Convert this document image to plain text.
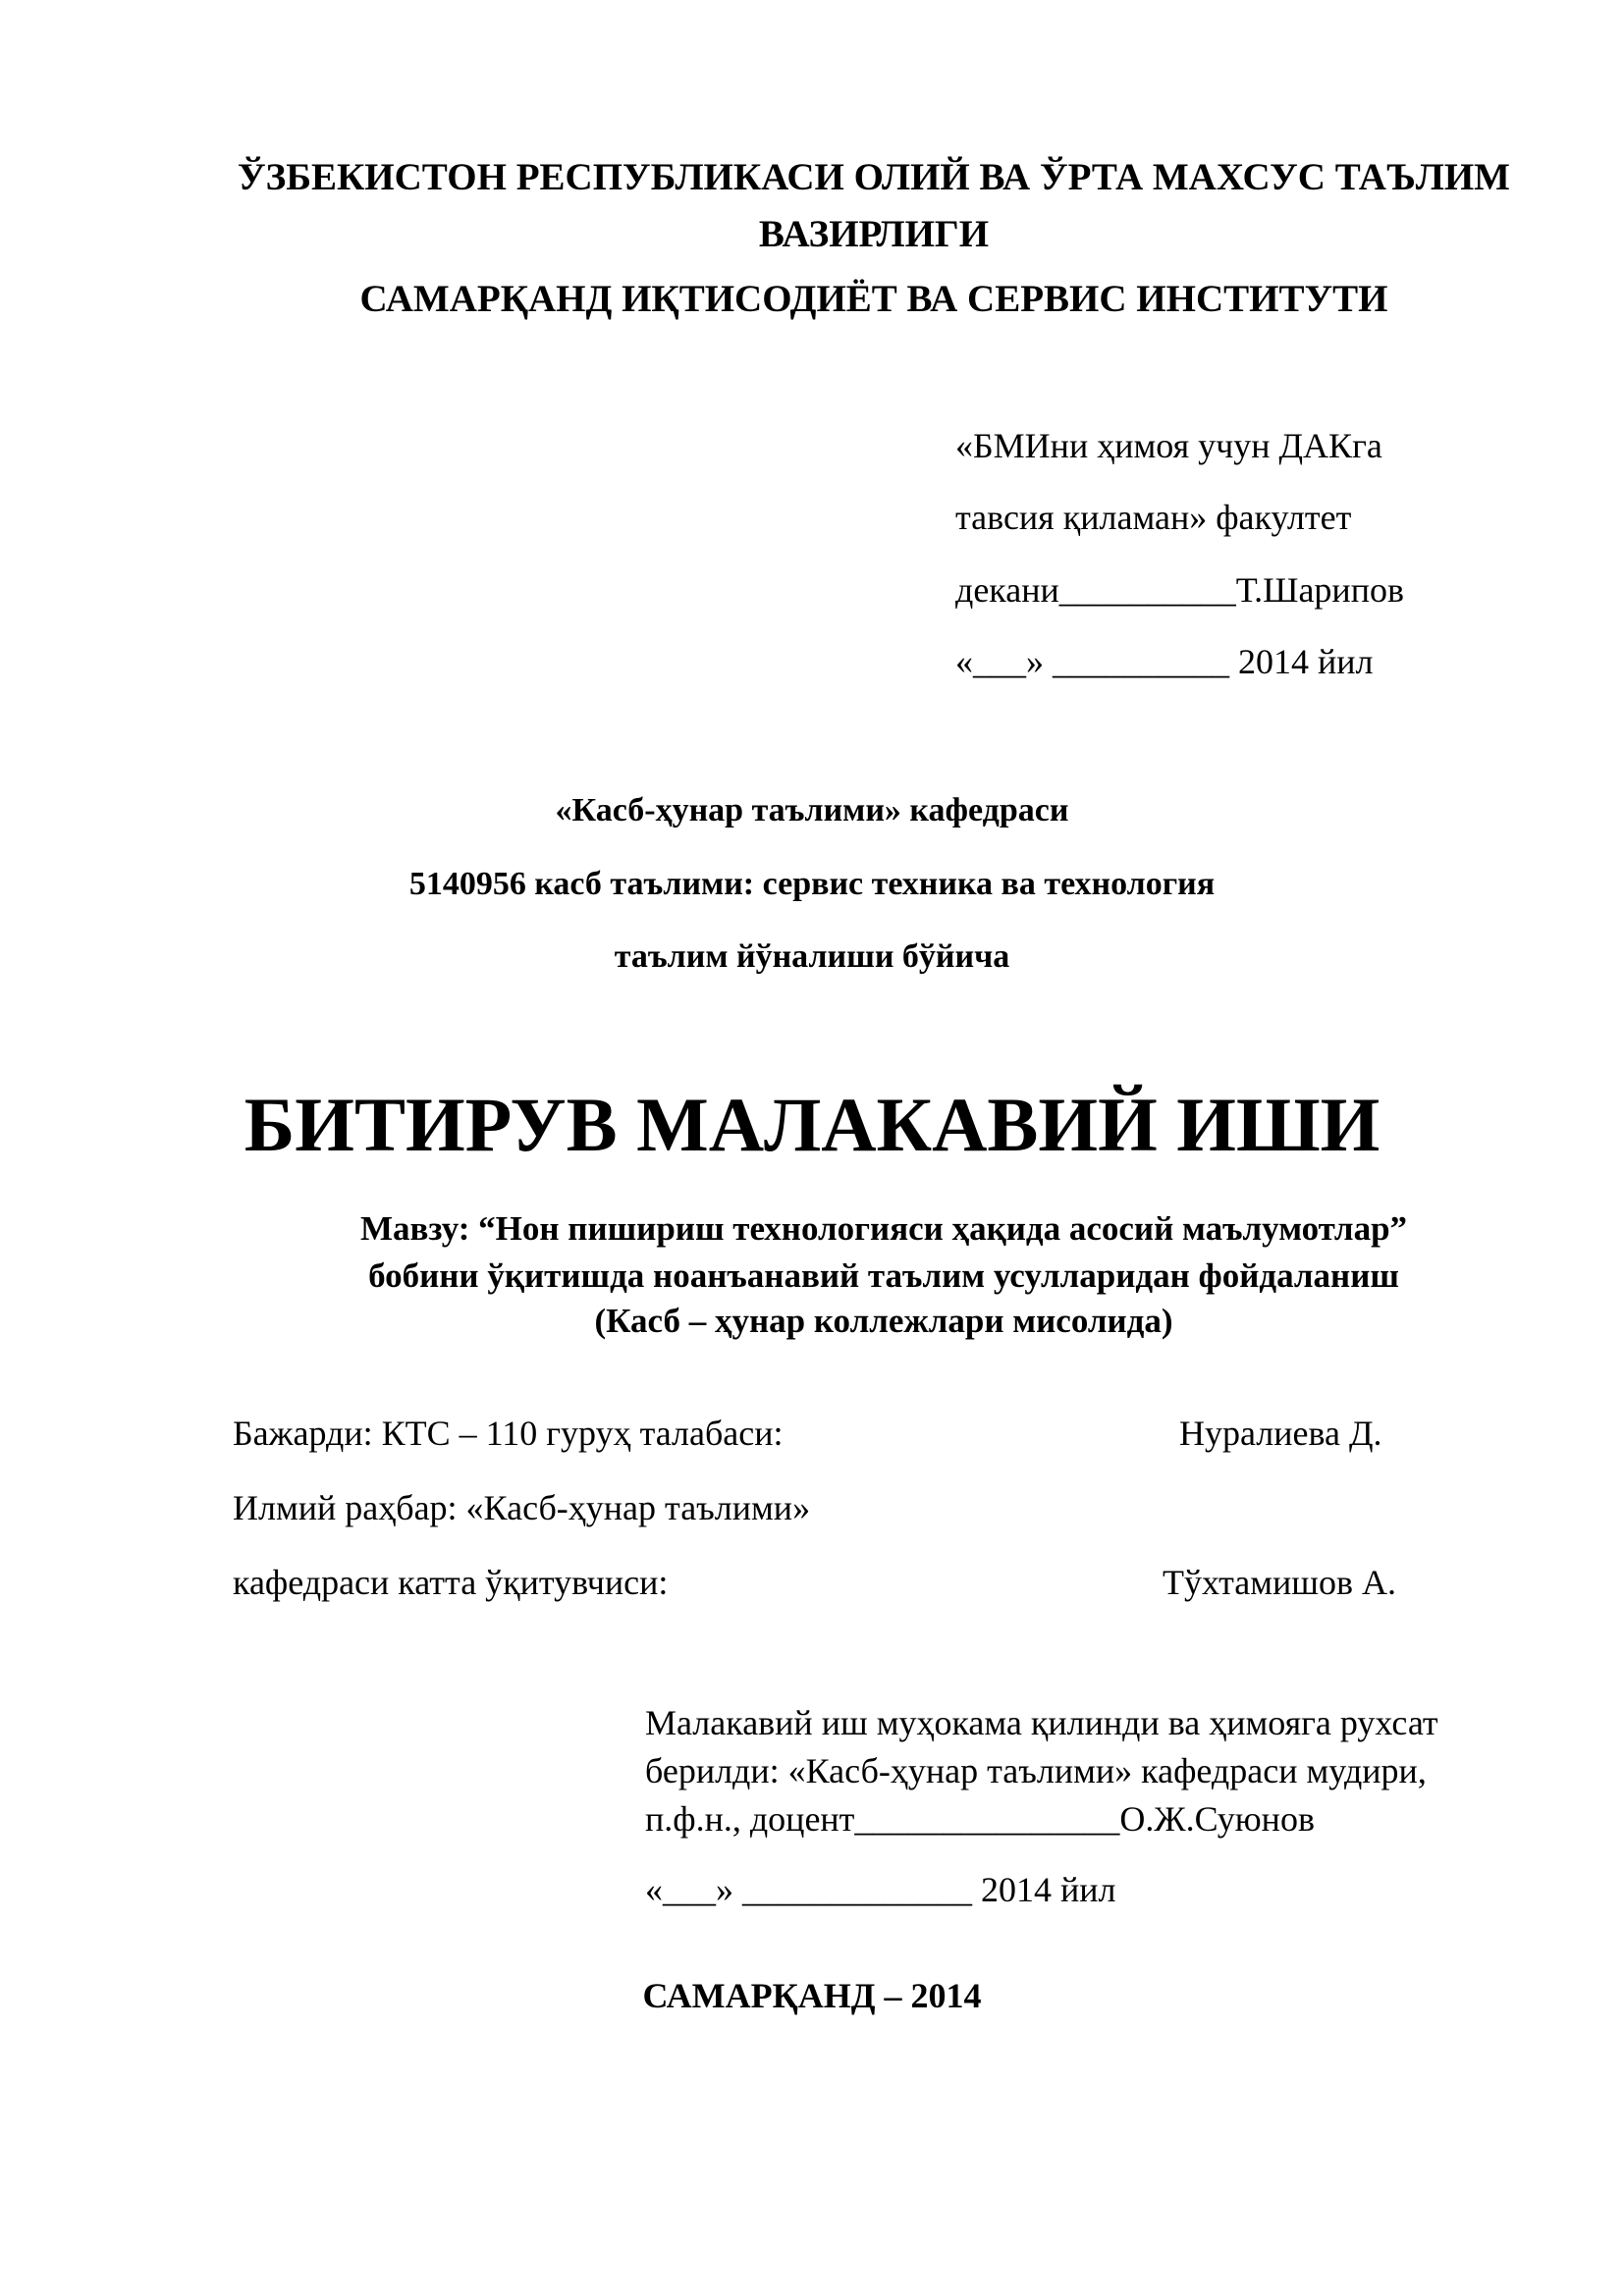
ЎЗБЕКИСТОН РЕСПУБЛИКАСИ ОЛИЙ ВА ЎРТА МАХСУС ТАЪЛИМ ВАЗИРЛИГИ

САМАРҚАНД ИҚТИСОДИЁТ ВА СЕРВИС ИНСТИТУТИ

«БМИни ҳимоя учун ДАКга

тавсия қиламан» факултет

декани__________Т.Шарипов

«___» __________ 2014 йил

«Касб-ҳунар таълими» кафедраси

5140956 касб таълими: сервис техника ва технология

таълим йўналиши бўйича

БИТИРУВ МАЛАКАВИЙ ИШИ

Мавзу: “Нон пишириш технологияси ҳақида асосий маълумотлар”

бобини ўқитишда ноанъанавий таълим усулларидан фойдаланиш

(Касб – ҳунар коллежлари мисолида)

Бажарди: КТС – 110 гуруҳ талабаси:	Нуралиева Д.

Илмий раҳбар: «Касб-ҳунар таълими»

кафедраси катта ўқитувчиси:	Тўхтамишов А.

Малакавий иш муҳокама қилинди ва ҳимояга рухсат

берилди: «Касб-ҳунар таълими» кафедраси мудири,

п.ф.н., доцент_______________О.Ж.Суюнов

«___» _____________ 2014 йил

САМАРҚАНД – 2014
